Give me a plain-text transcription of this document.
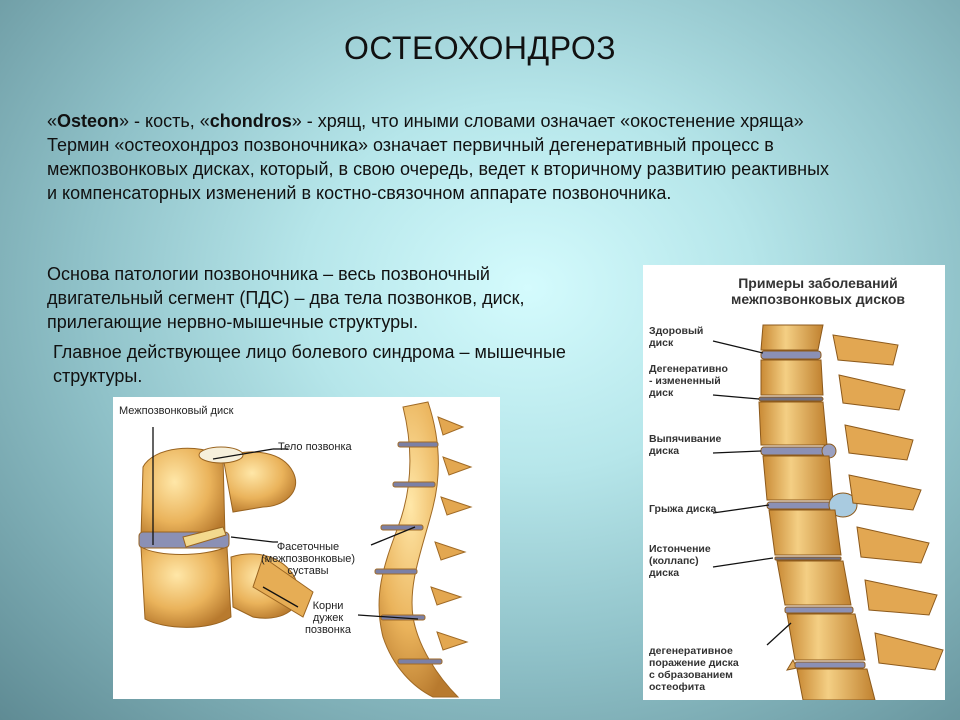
ОСТЕОХОНДРОЗ
«Osteon» - кость, «chondros» - хрящ, что иными словами означает «окостенение хряща»
Термин «остеохондроз позвоночника» означает первичный дегенеративный процесс в межпозвонковых дисках, который, в свою очередь, ведет к вторичному развитию реактивных и компенсаторных изменений в костно-связочном аппарате позвоночника.
Основа патологии позвоночника – весь позвоночный двигательный сегмент (ПДС) – два тела позвонков, диск, прилегающие нервно-мышечные структуры.
Главное действующее лицо болевого синдрома – мышечные структуры.
Межпозвонковый диск
Тело позвонка
Фасеточные
(межпозвонковые)
суставы
Корни
дужек
позвонка
Примеры заболеваний
межпозвонковых дисков
Здоровый
диск
Дегенеративно
- измененный
диск
Выпячивание
диска
Грыжа диска
Истончение
(коллапс)
диска
дегенеративное
поражение диска
с образованием
остеофита
